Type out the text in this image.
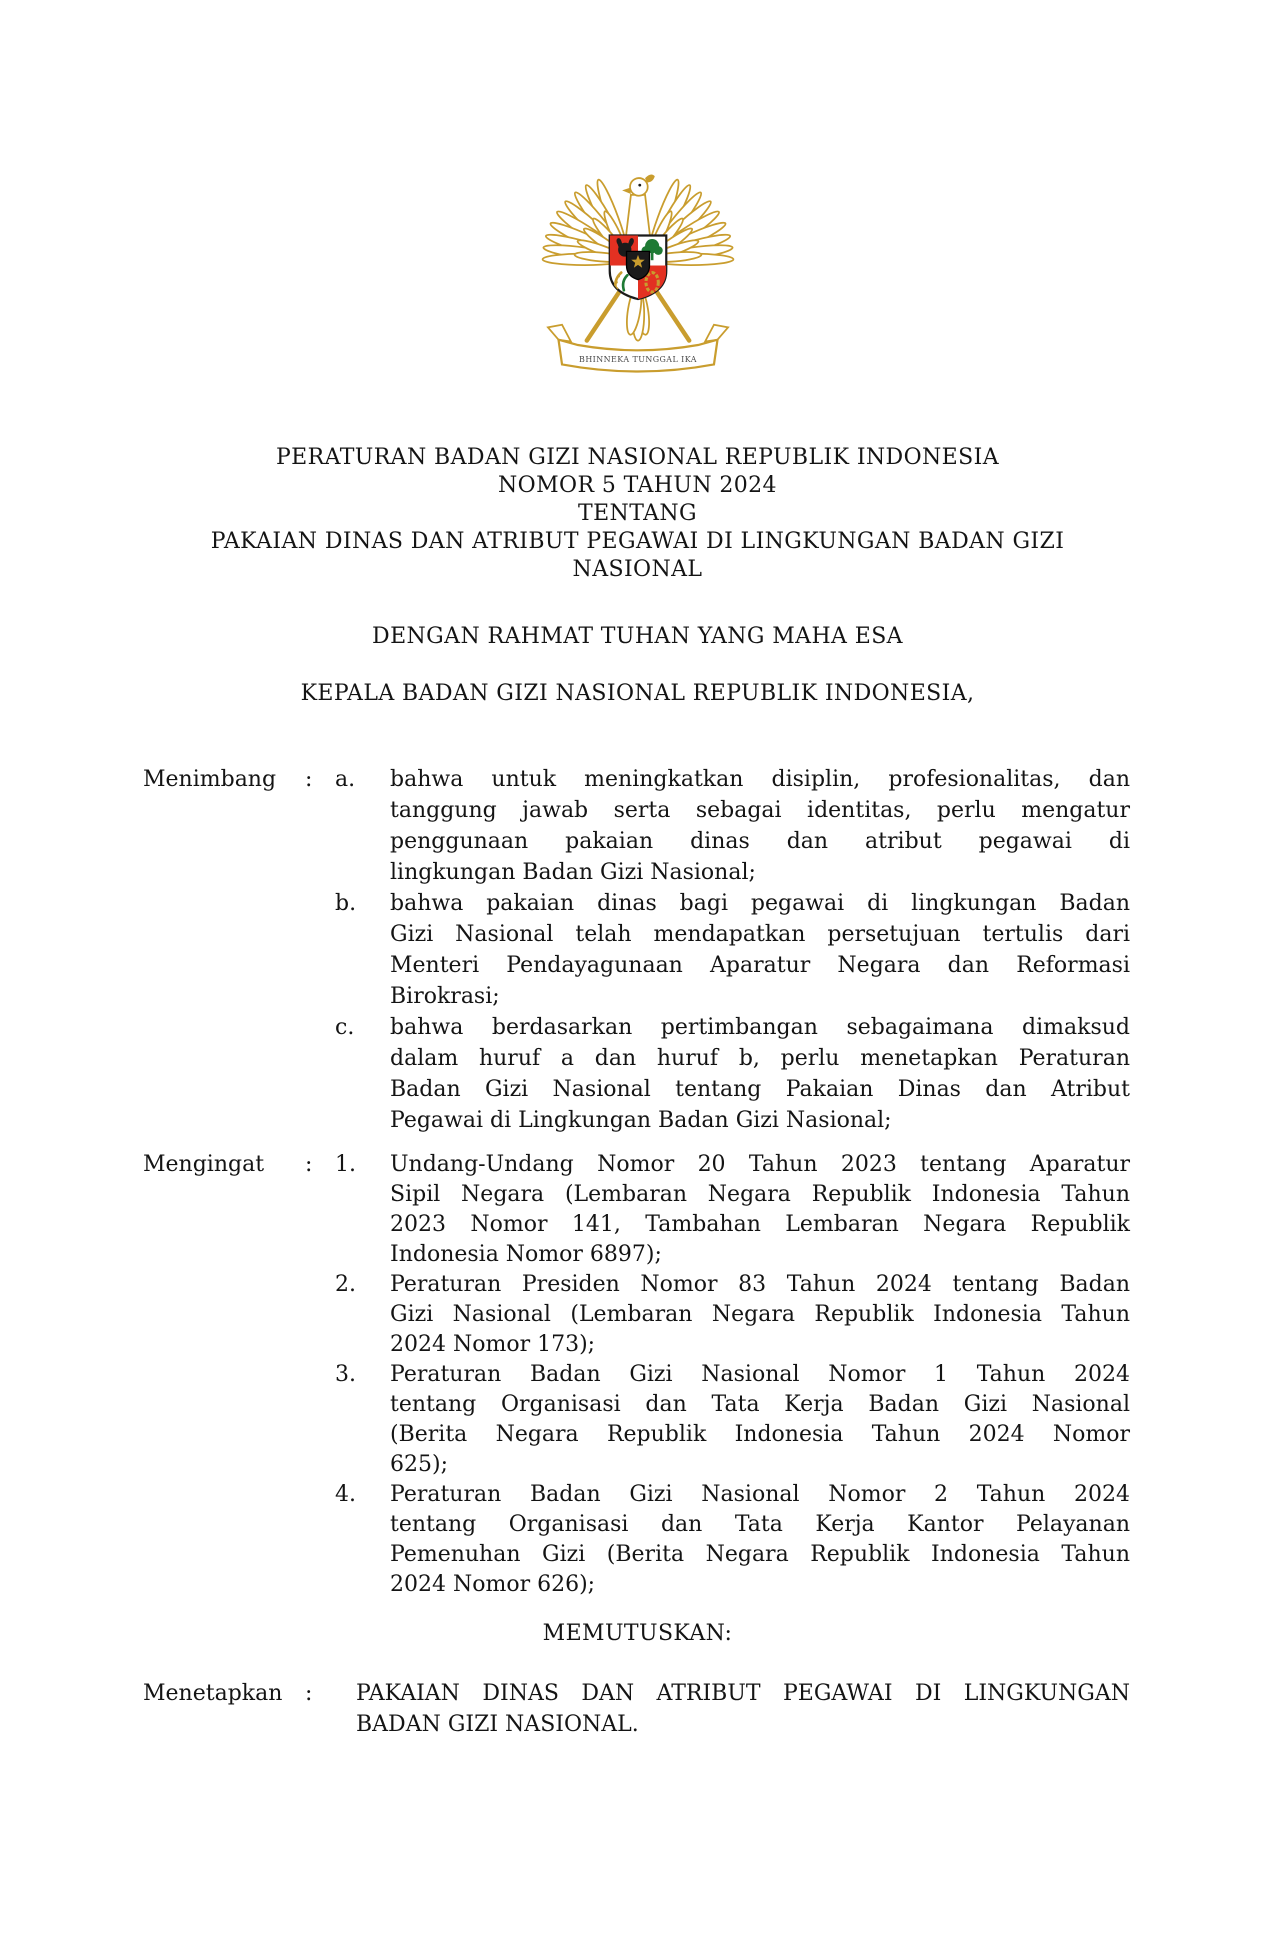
BHINNEKA TUNGGAL IKA
PERATURAN BADAN GIZI NASIONAL REPUBLIK INDONESIA
NOMOR 5 TAHUN 2024
TENTANG
PAKAIAN DINAS DAN ATRIBUT PEGAWAI DI LINGKUNGAN BADAN GIZI
NASIONAL
DENGAN RAHMAT TUHAN YANG MAHA ESA
KEPALA BADAN GIZI NASIONAL REPUBLIK INDONESIA,
Menimbang	:	a.	bahwa untuk meningkatkan disiplin, profesionalitas, dan
tanggung jawab serta sebagai identitas, perlu mengatur
penggunaan pakaian dinas dan atribut pegawai di
lingkungan Badan Gizi Nasional;
b.	bahwa pakaian dinas bagi pegawai di lingkungan Badan
Gizi Nasional telah mendapatkan persetujuan tertulis dari
Menteri Pendayagunaan Aparatur Negara dan Reformasi
Birokrasi;
c.	bahwa berdasarkan pertimbangan sebagaimana dimaksud
dalam huruf a dan huruf b, perlu menetapkan Peraturan
Badan Gizi Nasional tentang Pakaian Dinas dan Atribut
Pegawai di Lingkungan Badan Gizi Nasional;
Mengingat	:	1.	Undang-Undang Nomor 20 Tahun 2023 tentang Aparatur
Sipil Negara (Lembaran Negara Republik Indonesia Tahun
2023 Nomor 141, Tambahan Lembaran Negara Republik
Indonesia Nomor 6897);
2.	Peraturan Presiden Nomor 83 Tahun 2024 tentang Badan
Gizi Nasional (Lembaran Negara Republik Indonesia Tahun
2024 Nomor 173);
3.	Peraturan Badan Gizi Nasional Nomor 1 Tahun 2024
tentang Organisasi dan Tata Kerja Badan Gizi Nasional
(Berita Negara Republik Indonesia Tahun 2024 Nomor
625);
4.	Peraturan Badan Gizi Nasional Nomor 2 Tahun 2024
tentang Organisasi dan Tata Kerja Kantor Pelayanan
Pemenuhan Gizi (Berita Negara Republik Indonesia Tahun
2024 Nomor 626);
MEMUTUSKAN:
Menetapkan	:	PAKAIAN DINAS DAN ATRIBUT PEGAWAI DI LINGKUNGAN
BADAN GIZI NASIONAL.
